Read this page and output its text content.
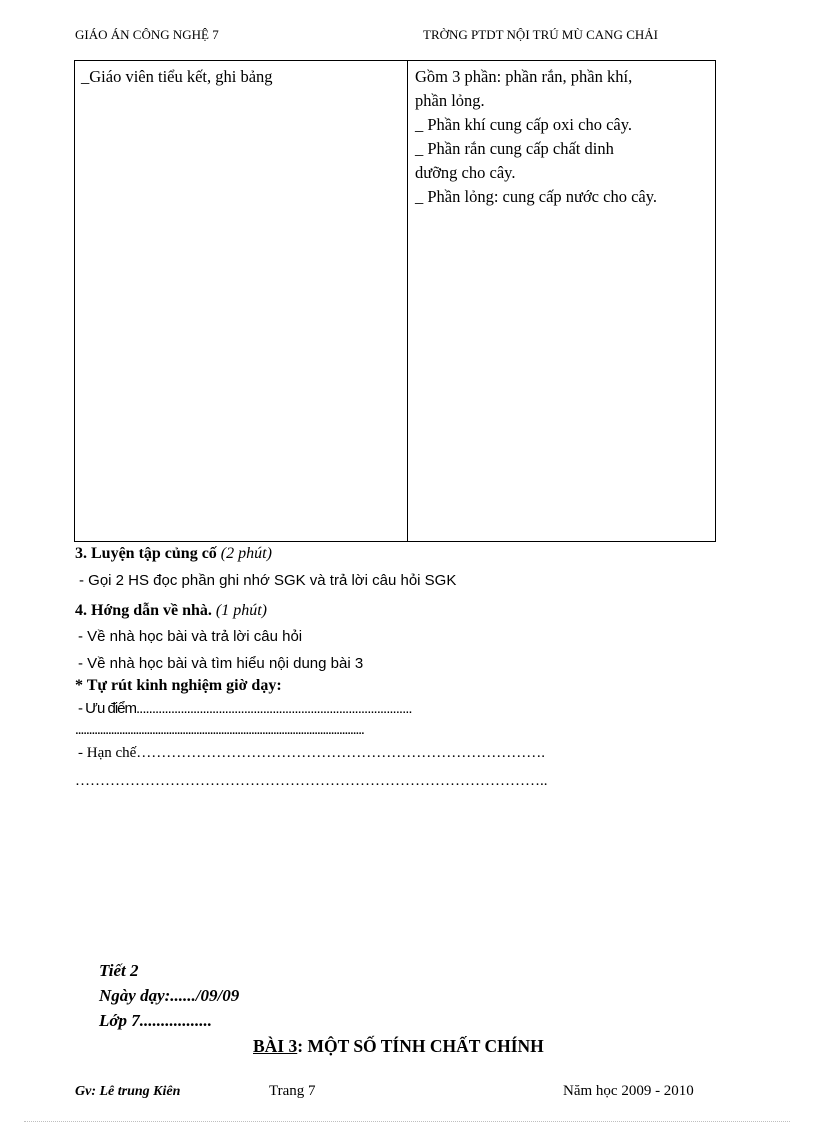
GIÁO ÁN CÔNG NGHỆ 7	TRỜNG PTDT NỘI TRÚ MÙ CANG CHẢI
_Giáo viên tiểu kết, ghi bảng	Gồm 3 phần: phần rắn, phần khí,
phần lỏng.
_ Phần khí cung cấp oxi cho cây.
_ Phần rắn cung cấp chất dinh
dưỡng cho cây.
_ Phần lỏng: cung cấp nước cho cây.
3. Luyện tập củng cố (2 phút)
- Gọi 2 HS đọc phần ghi nhớ SGK và trả lời câu hỏi SGK
4. Hớng dẫn về nhà. (1 phút)
- Về nhà học bài và trả lời câu hỏi
- Về nhà học bài và tìm hiểu nội dung bài 3
* Tự rút kinh nghiệm giờ dạy:
- Ưu điểm.......................................................................................
.........................................................................................................
- Hạn chế……………………………………………………………………….
…………………………………………………………………………………..
Tiết 2
Ngày dạy:....../09/09
Lớp 7.................
BÀI 3: MỘT SỐ TÍNH CHẤT CHÍNH
Gv: Lê trung Kiên	Trang 7	Năm học 2009 - 2010
